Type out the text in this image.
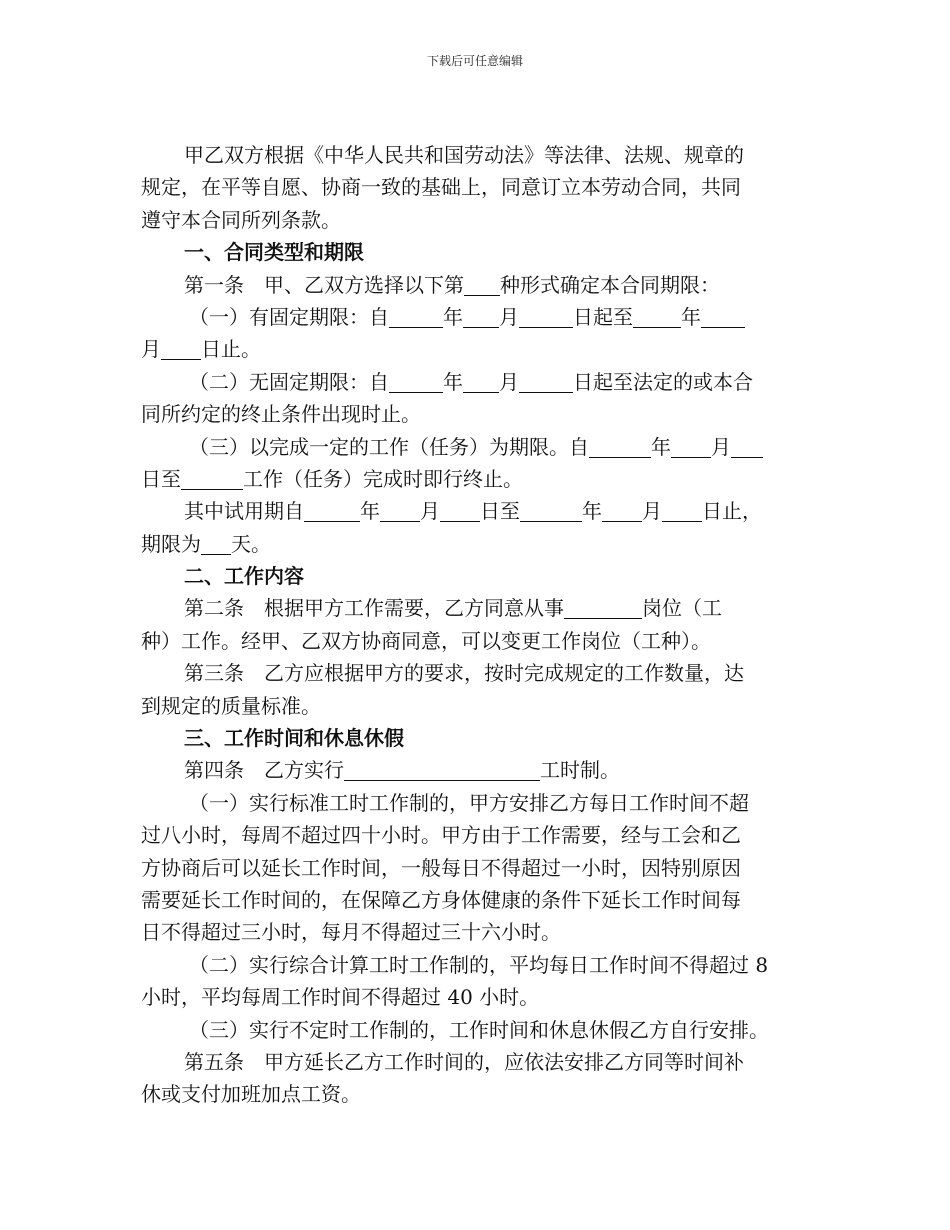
下载后可任意编辑
甲乙双方根据《中华人民共和国劳动法》等法律、法规、规章的
规定，在平等自愿、协商一致的基础上，同意订立本劳动合同，共同
遵守本合同所列条款。
一、合同类型和期限
第一条　甲、乙双方选择以下第 种形式确定本合同期限：
（一）有固定期限：自	年 月	日起至 年
月 日止。
（二）无固定期限：自	年 月	日起至法定的或本合
同所约定的终止条件出现时止。
（三）以完成一定的工作（任务）为期限。自	年 月
日至	工作（任务）完成时即行终止。
其中试用期自	年 月 日至	年 月 日止，
期限为 天。
二、工作内容
第二条　根据甲方工作需要，乙方同意从事	岗位（工
种）工作。经甲、乙双方协商同意，可以变更工作岗位（工种）。
第三条　乙方应根据甲方的要求，按时完成规定的工作数量，达
到规定的质量标准。
三、工作时间和休息休假
第四条　乙方实行	工时制。
（一）实行标准工时工作制的，甲方安排乙方每日工作时间不超
过八小时，每周不超过四十小时。甲方由于工作需要，经与工会和乙
方协商后可以延长工作时间，一般每日不得超过一小时，因特别原因
需要延长工作时间的，在保障乙方身体健康的条件下延长工作时间每
日不得超过三小时，每月不得超过三十六小时。
（二）实行综合计算工时工作制的，平均每日工作时间不得超过 8
小时，平均每周工作时间不得超过 40 小时。
（三）实行不定时工作制的，工作时间和休息休假乙方自行安排。
第五条　甲方延长乙方工作时间的，应依法安排乙方同等时间补
休或支付加班加点工资。
